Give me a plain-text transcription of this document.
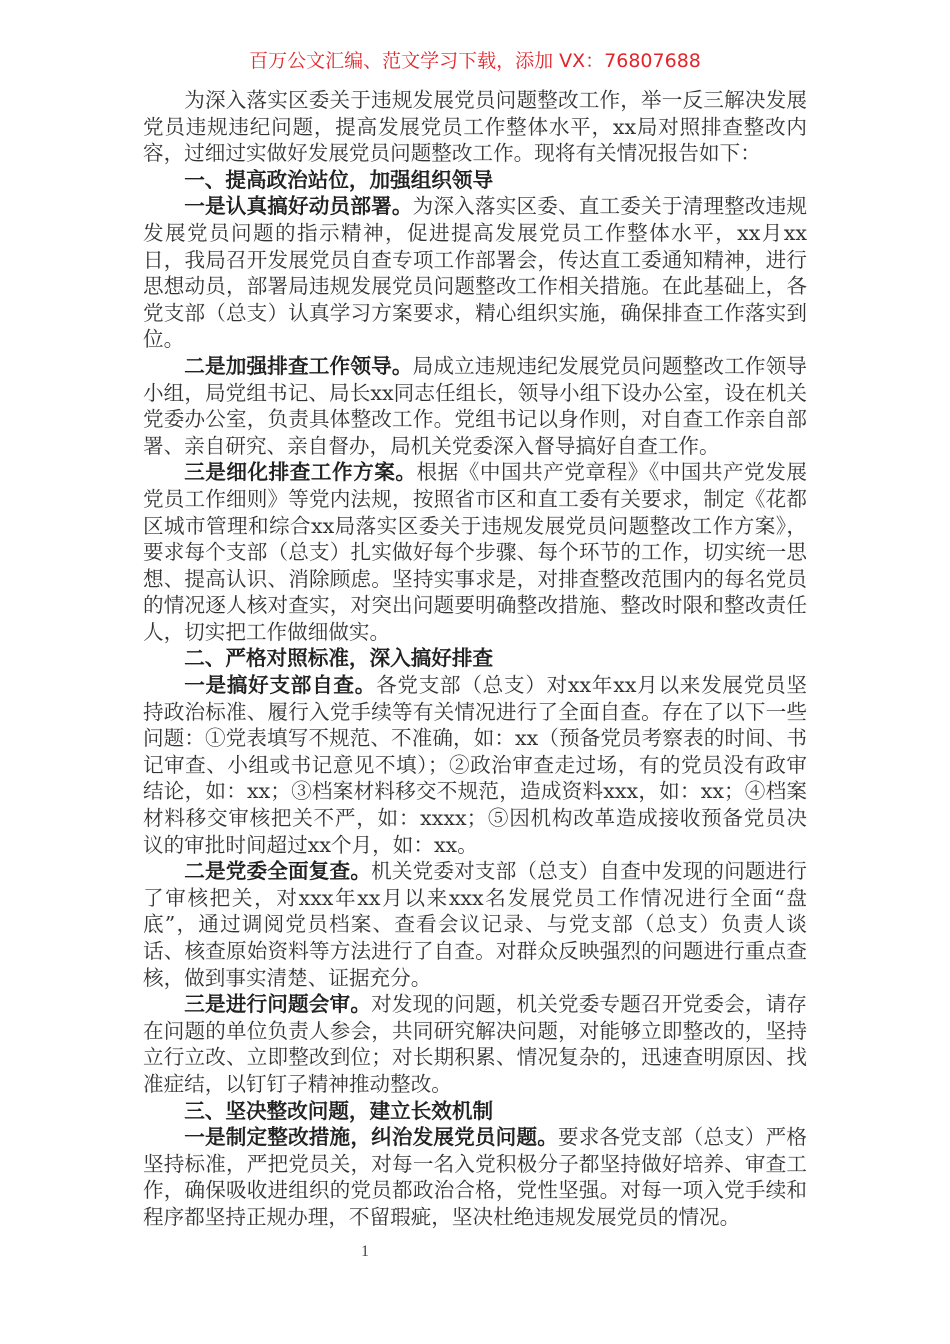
百万公文汇编、范文学习下载，添加 VX：76807688

为深入落实区委关于违规发展党员问题整改工作，举一反三解决发展党员违规违纪问题，提高发展党员工作整体水平，xx局对照排查整改内容，过细过实做好发展党员问题整改工作。现将有关情况报告如下：

一、提高政治站位，加强组织领导

一是认真搞好动员部署。为深入落实区委、直工委关于清理整改违规发展党员问题的指示精神，促进提高发展党员工作整体水平，xx月xx日，我局召开发展党员自查专项工作部署会，传达直工委通知精神，进行思想动员，部署局违规发展党员问题整改工作相关措施。在此基础上，各党支部（总支）认真学习方案要求，精心组织实施，确保排查工作落实到位。

二是加强排查工作领导。局成立违规违纪发展党员问题整改工作领导小组，局党组书记、局长xx同志任组长，领导小组下设办公室，设在机关党委办公室，负责具体整改工作。党组书记以身作则，对自查工作亲自部署、亲自研究、亲自督办，局机关党委深入督导搞好自查工作。

三是细化排查工作方案。根据《中国共产党章程》《中国共产党发展党员工作细则》等党内法规，按照省市区和直工委有关要求，制定《花都区城市管理和综合xx局落实区委关于违规发展党员问题整改工作方案》，要求每个支部（总支）扎实做好每个步骤、每个环节的工作，切实统一思想、提高认识、消除顾虑。坚持实事求是，对排查整改范围内的每名党员的情况逐人核对查实，对突出问题要明确整改措施、整改时限和整改责任人，切实把工作做细做实。

二、严格对照标准，深入搞好排查

一是搞好支部自查。各党支部（总支）对xx年xx月以来发展党员坚持政治标准、履行入党手续等有关情况进行了全面自查。存在了以下一些问题：①党表填写不规范、不准确，如：xx（预备党员考察表的时间、书记审查、小组或书记意见不填）；②政治审查走过场，有的党员没有政审结论，如：xx；③档案材料移交不规范，造成资料xxx，如：xx；④档案材料移交审核把关不严，如：xxxx；⑤因机构改革造成接收预备党员决议的审批时间超过xx个月，如：xx。

二是党委全面复查。机关党委对支部（总支）自查中发现的问题进行了审核把关，对xxx年xx月以来xxx名发展党员工作情况进行全面“盘底”，通过调阅党员档案、查看会议记录、与党支部（总支）负责人谈话、核查原始资料等方法进行了自查。对群众反映强烈的问题进行重点查核，做到事实清楚、证据充分。

三是进行问题会审。对发现的问题，机关党委专题召开党委会，请存在问题的单位负责人参会，共同研究解决问题，对能够立即整改的，坚持立行立改、立即整改到位；对长期积累、情况复杂的，迅速查明原因、找准症结，以钉钉子精神推动整改。

三、坚决整改问题，建立长效机制

一是制定整改措施，纠治发展党员问题。要求各党支部（总支）严格坚持标准，严把党员关，对每一名入党积极分子都坚持做好培养、审查工作，确保吸收进组织的党员都政治合格，党性坚强。对每一项入党手续和程序都坚持正规办理，不留瑕疵，坚决杜绝违规发展党员的情况。

1
